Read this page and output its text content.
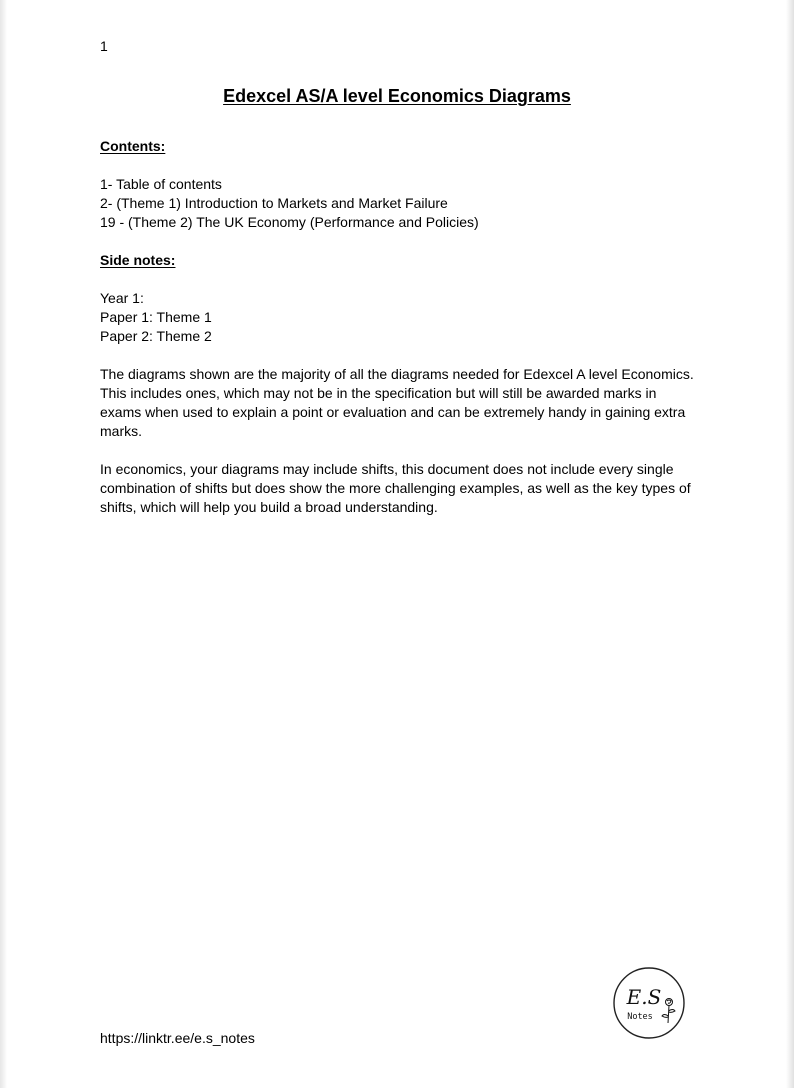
1
Edexcel AS/A level Economics Diagrams
Contents:
1- Table of contents
2- (Theme 1) Introduction to Markets and Market Failure
19 - (Theme 2) The UK Economy (Performance and Policies)
Side notes:
Year 1:
Paper 1: Theme 1
Paper 2: Theme 2

The diagrams shown are the majority of all the diagrams needed for Edexcel A level Economics. This includes ones, which may not be in the specification but will still be awarded marks in exams when used to explain a point or evaluation and can be extremely handy in gaining extra marks.

In economics, your diagrams may include shifts, this document does not include every single combination of shifts but does show the more challenging examples, as well as the key types of shifts, which will help you build a broad understanding.

https://linktr.ee/e.s_notes
E.S
Notes
